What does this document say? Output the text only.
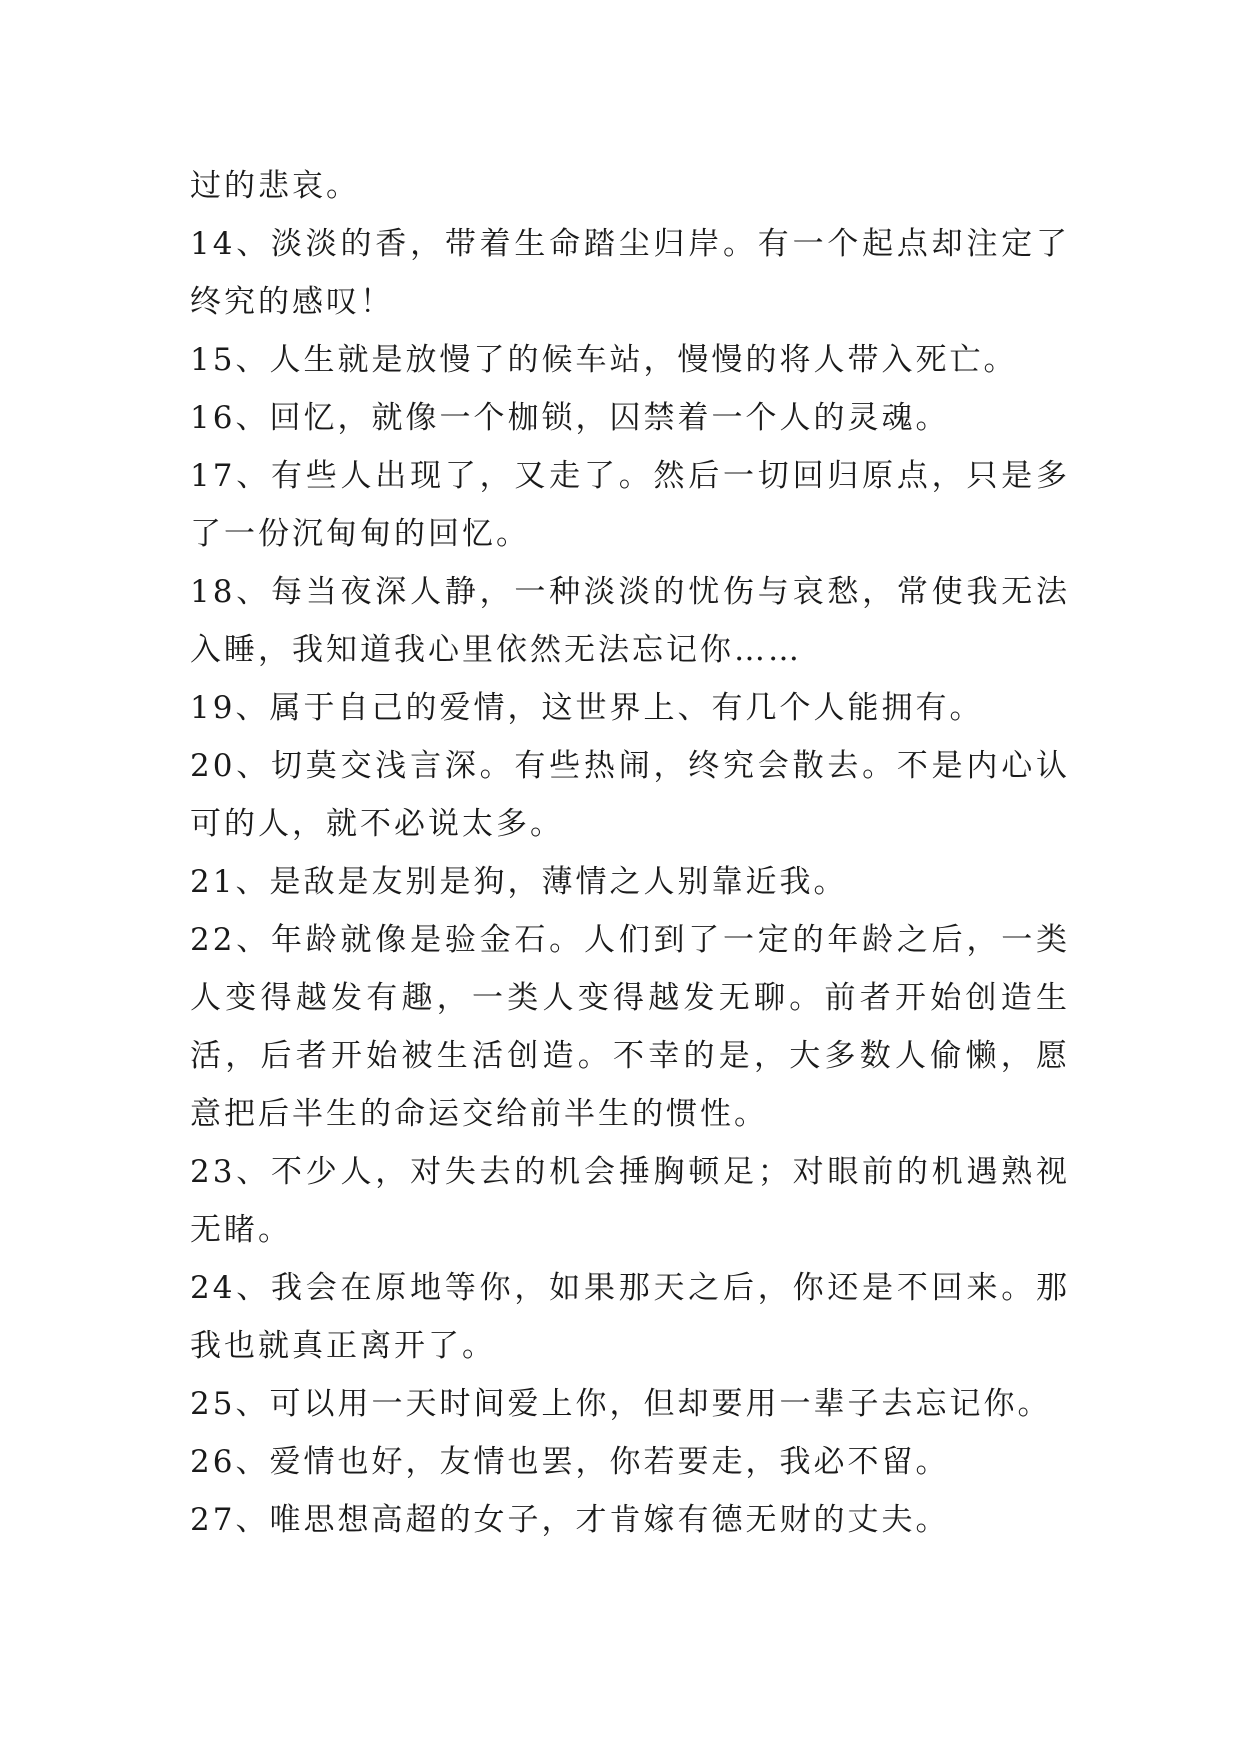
过的悲哀。

14、淡淡的香，带着生命踏尘归岸。有一个起点却注定了终究的感叹！

15、人生就是放慢了的候车站，慢慢的将人带入死亡。

16、回忆，就像一个枷锁，囚禁着一个人的灵魂。

17、有些人出现了，又走了。然后一切回归原点，只是多了一份沉甸甸的回忆。

18、每当夜深人静，一种淡淡的忧伤与哀愁，常使我无法入睡，我知道我心里依然无法忘记你……

19、属于自己的爱情，这世界上、有几个人能拥有。

20、切莫交浅言深。有些热闹，终究会散去。不是内心认可的人，就不必说太多。

21、是敌是友别是狗，薄情之人别靠近我。

22、年龄就像是验金石。人们到了一定的年龄之后，一类人变得越发有趣，一类人变得越发无聊。前者开始创造生活，后者开始被生活创造。不幸的是，大多数人偷懒，愿意把后半生的命运交给前半生的惯性。

23、不少人，对失去的机会捶胸顿足；对眼前的机遇熟视无睹。

24、我会在原地等你，如果那天之后，你还是不回来。那我也就真正离开了。

25、可以用一天时间爱上你，但却要用一辈子去忘记你。

26、爱情也好，友情也罢，你若要走，我必不留。

27、唯思想高超的女子，才肯嫁有德无财的丈夫。
